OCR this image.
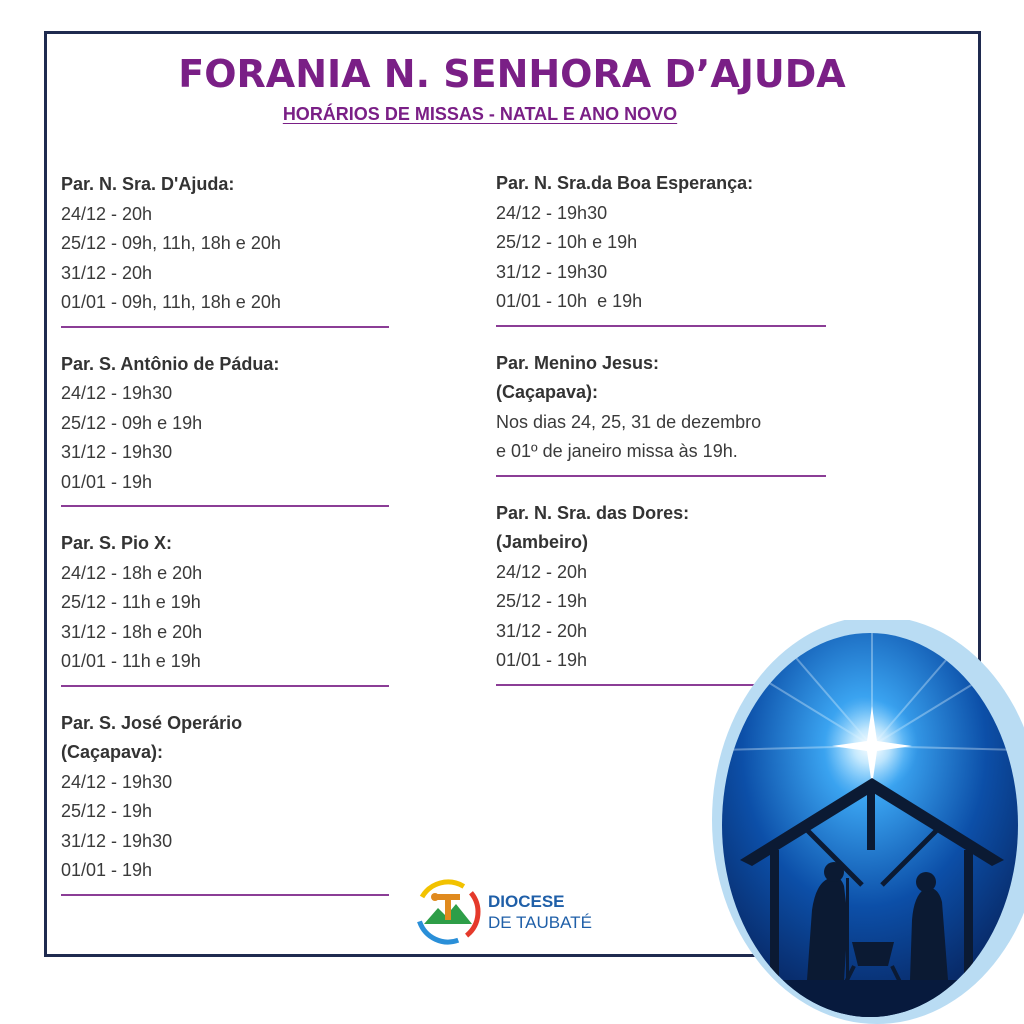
FORANIA N. SENHORA D’AJUDA
HORÁRIOS DE MISSAS - NATAL E ANO NOVO
Par. N. Sra. D'Ajuda:
24/12 - 20h
25/12 - 09h, 11h, 18h e 20h
31/12 - 20h
01/01 - 09h, 11h, 18h e 20h
Par. S. Antônio de Pádua:
24/12 - 19h30
25/12 - 09h e 19h
31/12 - 19h30
01/01 - 19h
Par. S. Pio X:
24/12 - 18h e 20h
25/12 - 11h e 19h
31/12 - 18h e 20h
01/01 - 11h e 19h
Par. S. José Operário
(Caçapava):
24/12 - 19h30
25/12 - 19h
31/12 - 19h30
01/01 - 19h
Par. N. Sra.da Boa Esperança:
24/12 - 19h30
25/12 - 10h e 19h
31/12 - 19h30
01/01 - 10h  e 19h
Par. Menino Jesus:
(Caçapava):
Nos dias 24, 25, 31 de dezembro
e 01º de janeiro missa às 19h.
Par. N. Sra. das Dores:
(Jambeiro)
24/12 - 20h
25/12 - 19h
31/12 - 20h
01/01 - 19h
DIOCESE
DE TAUBATÉ
